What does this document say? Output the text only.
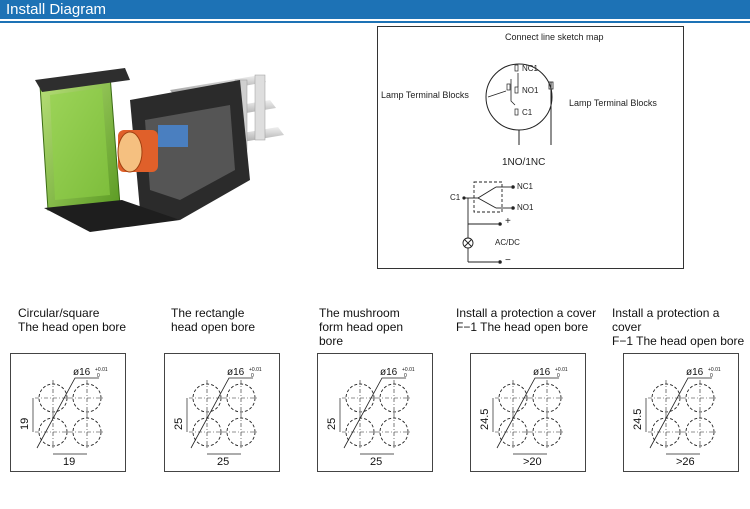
Install Diagram
Connect line sketch map
Lamp Terminal Blocks
Lamp Terminal Blocks
NC1
NO1
C1
1NO/1NC
NC1
NO1
C1
+
−
AC/DC
Circular/square
The head open bore
The rectangle
head open bore
The mushroom
form head open
bore
Install a protection a cover
F−1 The head open bore
Install a protection a cover
F−1 The head open bore
ø16 +0.01
0
19
19
ø16 +0.01
0
25
25
ø16 +0.01
0
25
25
ø16 +0.01
0
24.5
>20
ø16 +0.01
0
24.5
>26
